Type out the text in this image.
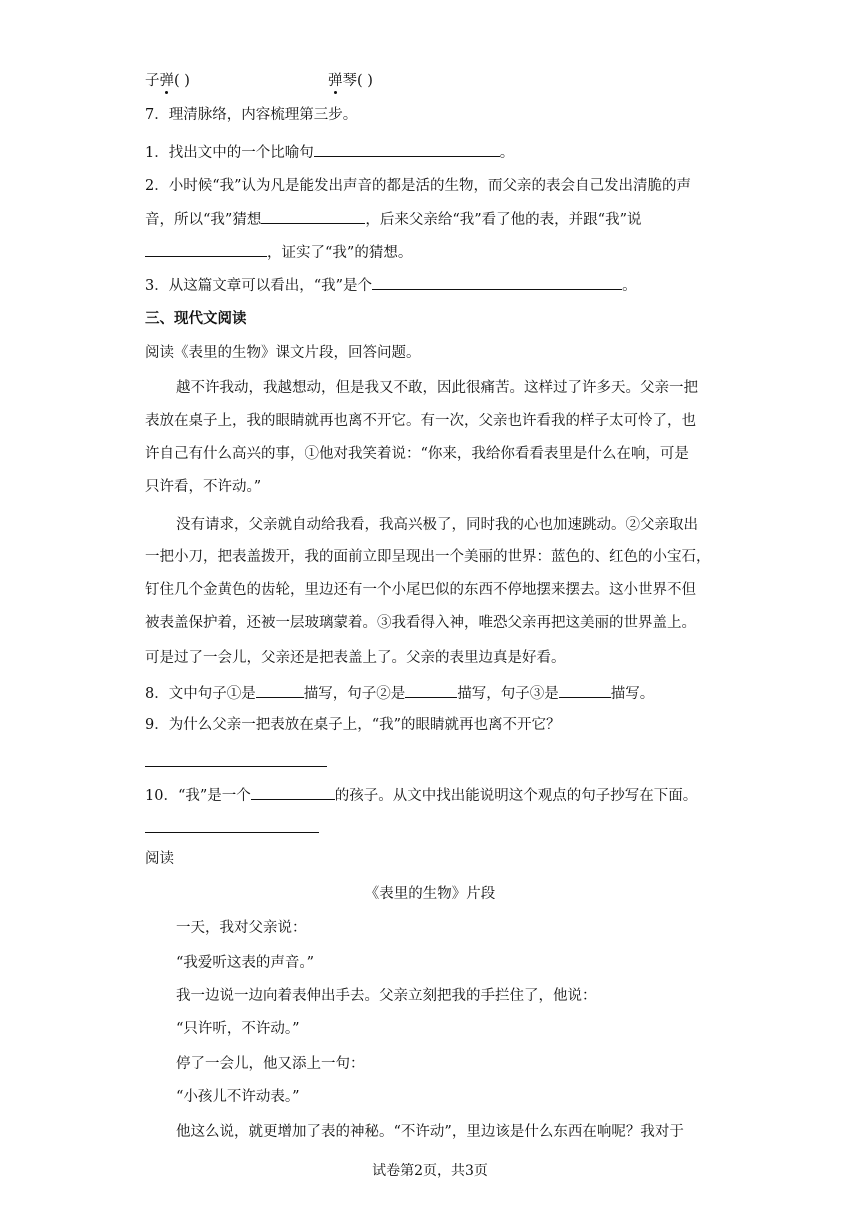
子弹( )	弹琴( )
7．理清脉络，内容梳理第三步。
1．找出文中的一个比喻句	。
2．小时候“我”认为凡是能发出声音的都是活的生物，而父亲的表会自己发出清脆的声
音，所以“我”猜想	，后来父亲给“我”看了他的表，并跟“我”说
，证实了“我”的猜想。
3．从这篇文章可以看出，“我”是个	。
三、现代文阅读
阅读《表里的生物》课文片段，回答问题。
越不许我动，我越想动，但是我又不敢，因此很痛苦。这样过了许多天。父亲一把
表放在桌子上，我的眼睛就再也离不开它。有一次，父亲也许看我的样子太可怜了，也
许自己有什么高兴的事，①他对我笑着说：“你来，我给你看看表里是什么在响，可是
只许看，不许动。”
没有请求，父亲就自动给我看，我高兴极了，同时我的心也加速跳动。②父亲取出
一把小刀，把表盖拨开，我的面前立即呈现出一个美丽的世界：蓝色的、红色的小宝石，
钉住几个金黄色的齿轮，里边还有一个小尾巴似的东西不停地摆来摆去。这小世界不但
被表盖保护着，还被一层玻璃蒙着。③我看得入神，唯恐父亲再把这美丽的世界盖上。
可是过了一会儿，父亲还是把表盖上了。父亲的表里边真是好看。
8．文中句子①是	描写，句子②是	描写，句子③是	描写。
9．为什么父亲一把表放在桌子上，“我”的眼睛就再也离不开它？
10．“我”是一个	的孩子。从文中找出能说明这个观点的句子抄写在下面。
阅读
《表里的生物》片段
一天，我对父亲说：
“我爱听这表的声音。”
我一边说一边向着表伸出手去。父亲立刻把我的手拦住了，他说：
“只许听，不许动。”
停了一会儿，他又添上一句：
“小孩儿不许动表。”
他这么说，就更增加了表的神秘。“不许动”，里边该是什么东西在响呢？我对于
试卷第2页，共3页
